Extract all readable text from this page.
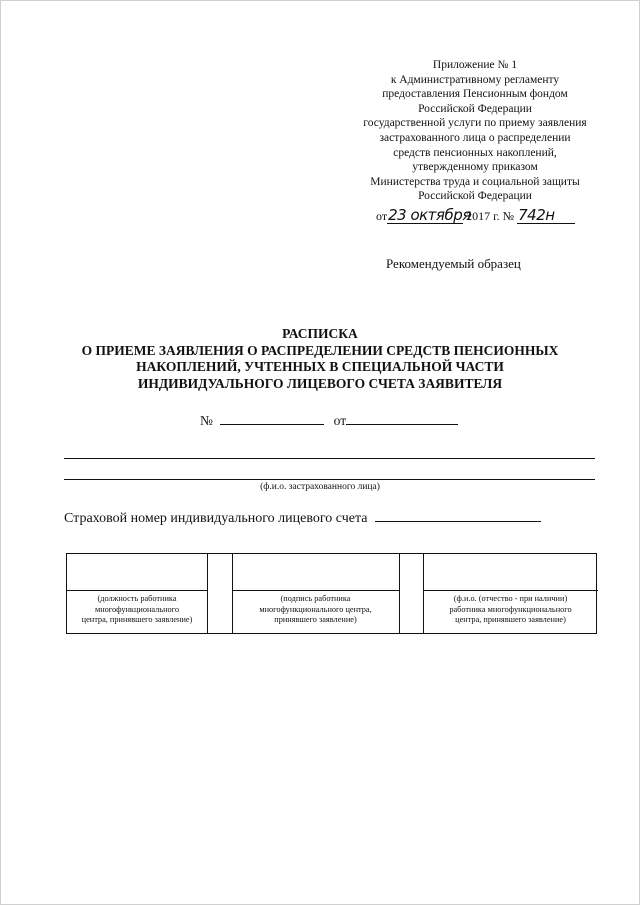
Приложение № 1
к Административному регламенту
предоставления Пенсионным фондом
Российской Федерации
государственной услуги по приему заявления
застрахованного лица о распределении
средств пенсионных накоплений,
утвержденному приказом
Министерства труда и социальной защиты
Российской Федерации
от23 октября 2017 г. № 742н
Рекомендуемый образец
РАСПИСКА
О ПРИЕМЕ ЗАЯВЛЕНИЯ О РАСПРЕДЕЛЕНИИ СРЕДСТВ ПЕНСИОННЫХ
НАКОПЛЕНИЙ, УЧТЕННЫХ В СПЕЦИАЛЬНОЙ ЧАСТИ
ИНДИВИДУАЛЬНОГО ЛИЦЕВОГО СЧЕТА ЗАЯВИТЕЛЯ
№	от
(ф.и.о. застрахованного лица)
Страховой номер индивидуального лицевого счета
(должность работника
многофункционального
центра, принявшего заявление)
(подпись работника
многофункционального центра,
принявшего заявление)
(ф.и.о. (отчество - при наличии)
работника многофункционального
центра, принявшего заявление)
